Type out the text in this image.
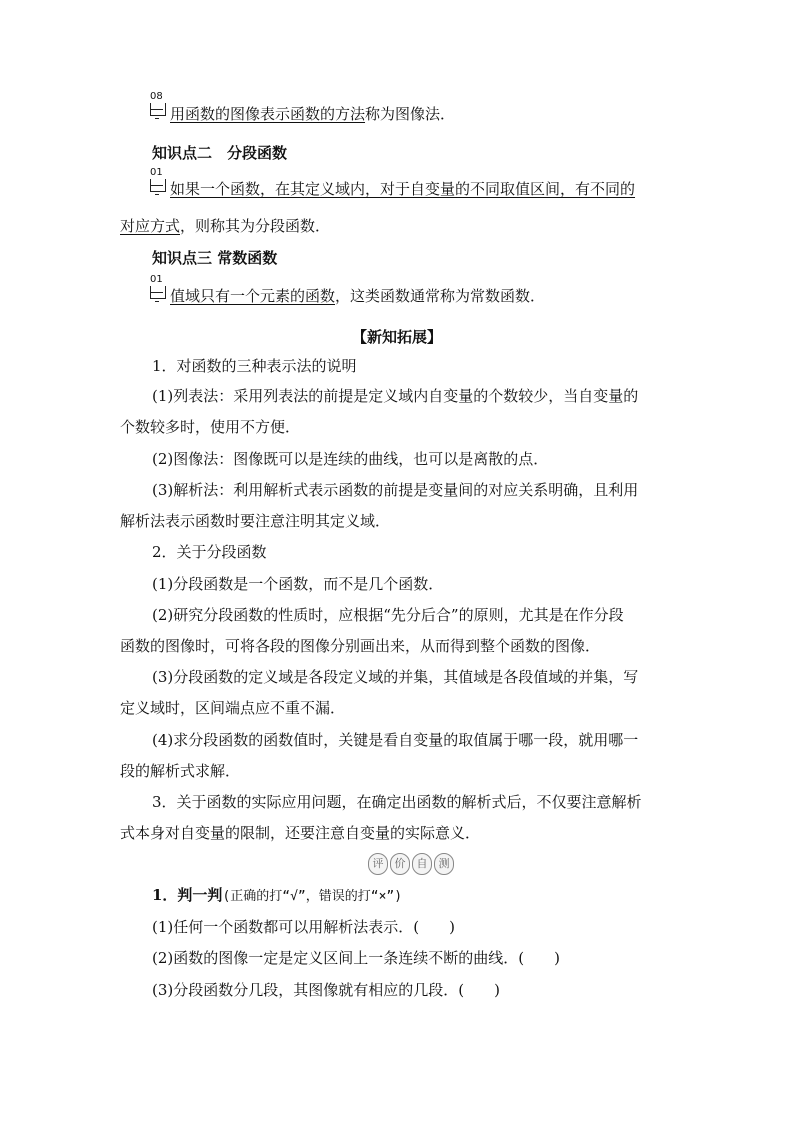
08
用函数的图像表示函数的方法称为图像法．
知识点二　分段函数
01
如果一个函数，在其定义域内，对于自变量的不同取值区间，有不同的
对应方式，则称其为分段函数．
知识点三 常数函数
01
值域只有一个元素的函数，这类函数通常称为常数函数．
【新知拓展】
1．对函数的三种表示法的说明
(1)列表法：采用列表法的前提是定义域内自变量的个数较少，当自变量的
个数较多时，使用不方便．
(2)图像法：图像既可以是连续的曲线，也可以是离散的点．
(3)解析法：利用解析式表示函数的前提是变量间的对应关系明确，且利用
解析法表示函数时要注意注明其定义域．
2．关于分段函数
(1)分段函数是一个函数，而不是几个函数．
(2)研究分段函数的性质时，应根据“先分后合”的原则，尤其是在作分段
函数的图像时，可将各段的图像分别画出来，从而得到整个函数的图像．
(3)分段函数的定义域是各段定义域的并集，其值域是各段值域的并集，写
定义域时，区间端点应不重不漏．
(4)求分段函数的函数值时，关键是看自变量的取值属于哪一段，就用哪一
段的解析式求解．
3．关于函数的实际应用问题，在确定出函数的解析式后，不仅要注意解析
式本身对自变量的限制，还要注意自变量的实际意义．
评	价	自	测
1．判一判(正确的打“√”，错误的打“×”)
(1)任何一个函数都可以用解析法表示．(　　)
(2)函数的图像一定是定义区间上一条连续不断的曲线．(　　)
(3)分段函数分几段，其图像就有相应的几段．(　　)
